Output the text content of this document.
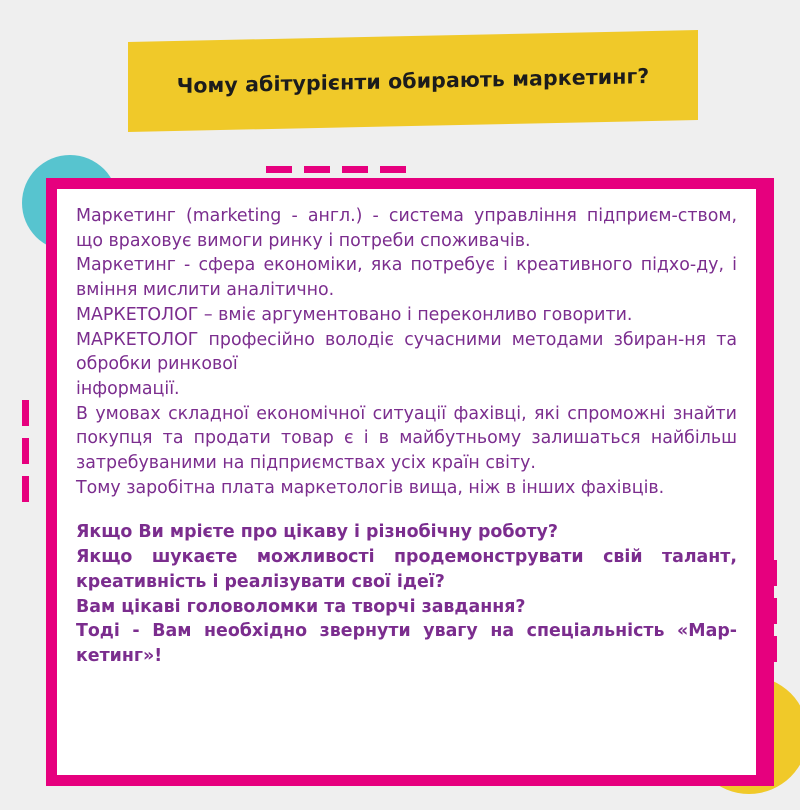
Чому абітурієнти обирають маркетинг?

Маркетинг (marketing - англ.) - система управління підприєм-ством, що враховує вимоги ринку і потреби споживачів.

Маркетинг - сфера економіки, яка потребує і креативного підхо-ду, і вміння мислити аналітично.

МАРКЕТОЛОГ – вміє аргументовано і переконливо говорити.

МАРКЕТОЛОГ професійно володіє сучасними методами збиран-ня та обробки ринкової

інформації.

В умовах складної економічної ситуації фахівці, які спроможні знайти покупця та продати товар є і в майбутньому залишаться найбільш затребуваними на підприємствах усіх країн світу.

Тому заробітна плата маркетологів вища, ніж в інших фахівців.

Якщо Ви мрієте про цікаву і різнобічну роботу?

Якщо шукаєте можливості продемонструвати свій талант, креативність і реалізувати свої ідеї?

Вам цікаві головоломки та творчі завдання?

Тоді - Вам необхідно звернути увагу на спеціальність «Мар-кетинг»!
